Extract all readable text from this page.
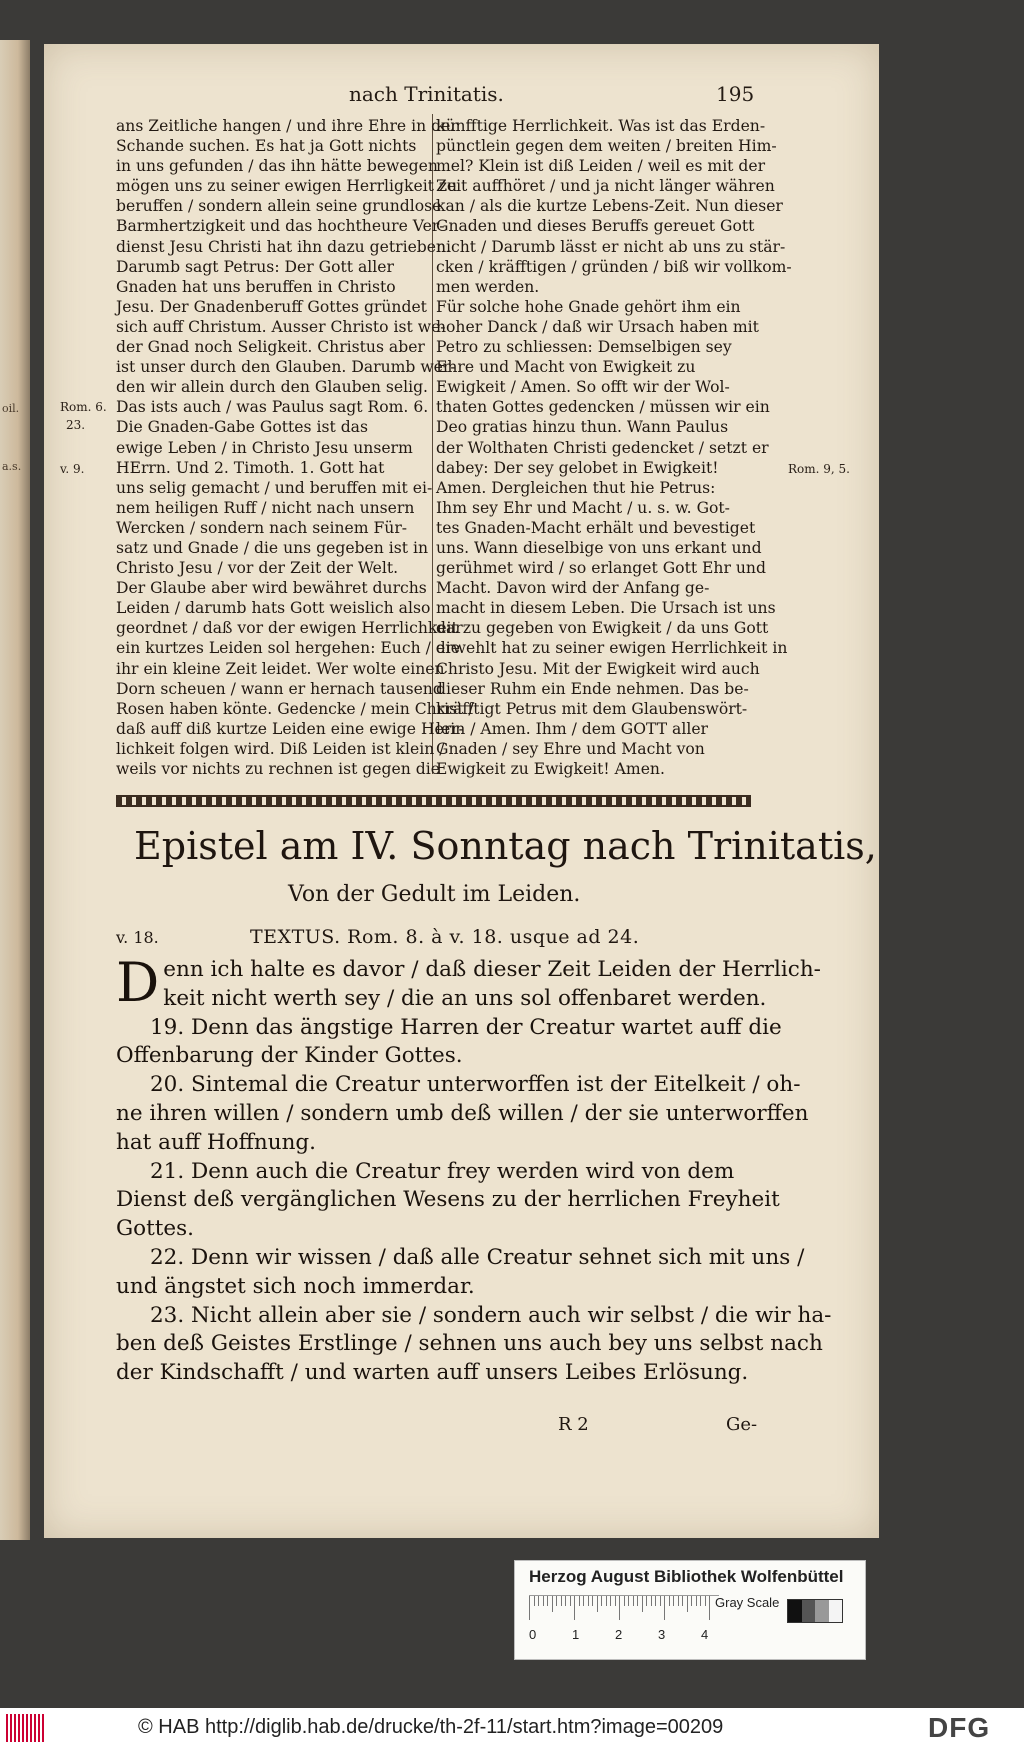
oil.
a.s.
nach Trinitatis.	195
ans Zeitliche hangen / und ihre Ehre in der
Schande suchen. Es hat ja Gott nichts
in uns gefunden / das ihn hätte bewegen
mögen uns zu seiner ewigen Herrligkeit zu
beruffen / sondern allein seine grundlose
Barmhertzigkeit und das hochtheure Ver-
dienst Jesu Christi hat ihn dazu getrieben.
Darumb sagt Petrus: Der Gott aller
Gnaden hat uns beruffen in Christo
Jesu. Der Gnadenberuff Gottes gründet
sich auff Christum. Ausser Christo ist we-
der Gnad noch Seligkeit. Christus aber
ist unser durch den Glauben. Darumb wer-
den wir allein durch den Glauben selig.
Das ists auch / was Paulus sagt Rom. 6.
Die Gnaden-Gabe Gottes ist das
ewige Leben / in Christo Jesu unserm
HErrn. Und 2. Timoth. 1. Gott hat
uns selig gemacht / und beruffen mit ei-
nem heiligen Ruff / nicht nach unsern
Wercken / sondern nach seinem Für-
satz und Gnade / die uns gegeben ist in
Christo Jesu / vor der Zeit der Welt.
Der Glaube aber wird bewähret durchs
Leiden / darumb hats Gott weislich also
geordnet / daß vor der ewigen Herrlichkeit
ein kurtzes Leiden sol hergehen: Euch / die
ihr ein kleine Zeit leidet. Wer wolte einen
Dorn scheuen / wann er hernach tausend
Rosen haben könte. Gedencke / mein Christ /
daß auff diß kurtze Leiden eine ewige Herr-
lichkeit folgen wird. Diß Leiden ist klein /
weils vor nichts zu rechnen ist gegen die
künfftige Herrlichkeit. Was ist das Erden-
pünctlein gegen dem weiten / breiten Him-
mel? Klein ist diß Leiden / weil es mit der
Zeit auffhöret / und ja nicht länger währen
kan / als die kurtze Lebens-Zeit. Nun dieser
Gnaden und dieses Beruffs gereuet Gott
nicht / Darumb lässt er nicht ab uns zu stär-
cken / kräfftigen / gründen / biß wir vollkom-
men werden.
Für solche hohe Gnade gehört ihm ein
hoher Danck / daß wir Ursach haben mit
Petro zu schliessen: Demselbigen sey
Ehre und Macht von Ewigkeit zu
Ewigkeit / Amen. So offt wir der Wol-
thaten Gottes gedencken / müssen wir ein
Deo gratias hinzu thun. Wann Paulus
der Wolthaten Christi gedencket / setzt er
dabey: Der sey gelobet in Ewigkeit!
Amen. Dergleichen thut hie Petrus:
Ihm sey Ehr und Macht / u. s. w. Got-
tes Gnaden-Macht erhält und bevestiget
uns. Wann dieselbige von uns erkant und
gerühmet wird / so erlanget Gott Ehr und
Macht. Davon wird der Anfang ge-
macht in diesem Leben. Die Ursach ist uns
darzu gegeben von Ewigkeit / da uns Gott
erwehlt hat zu seiner ewigen Herrlichkeit in
Christo Jesu. Mit der Ewigkeit wird auch
dieser Ruhm ein Ende nehmen. Das be-
kräfftigt Petrus mit dem Glaubenswört-
lein / Amen. Ihm / dem GOTT aller
Gnaden / sey Ehre und Macht von
Ewigkeit zu Ewigkeit! Amen.
Rom. 6.
23.
v. 9.	Rom. 9, 5.
Epistel am IV. Sonntag nach Trinitatis,
Von der Gedult im Leiden.
v. 18.	TEXTUS. Rom. 8. à v. 18. usque ad 24.
D enn ich halte es davor / daß dieser Zeit Leiden der Herrlich-
keit nicht werth sey / die an uns sol offenbaret werden.
19. Denn das ängstige Harren der Creatur wartet auff die
Offenbarung der Kinder Gottes.
20. Sintemal die Creatur unterworffen ist der Eitelkeit / oh-
ne ihren willen / sondern umb deß willen / der sie unterworffen
hat auff Hoffnung.
21. Denn auch die Creatur frey werden wird von dem
Dienst deß vergänglichen Wesens zu der herrlichen Freyheit
Gottes.
22. Denn wir wissen / daß alle Creatur sehnet sich mit uns /
und ängstet sich noch immerdar.
23. Nicht allein aber sie / sondern auch wir selbst / die wir ha-
ben deß Geistes Erstlinge / sehnen uns auch bey uns selbst nach
der Kindschafft / und warten auff unsers Leibes Erlösung.
R 2	Ge-
Herzog August Bibliothek Wolfenbüttel
0	1	2	3	4
Gray Scale
© HAB http://diglib.hab.de/drucke/th-2f-11/start.htm?image=00209	DFG
